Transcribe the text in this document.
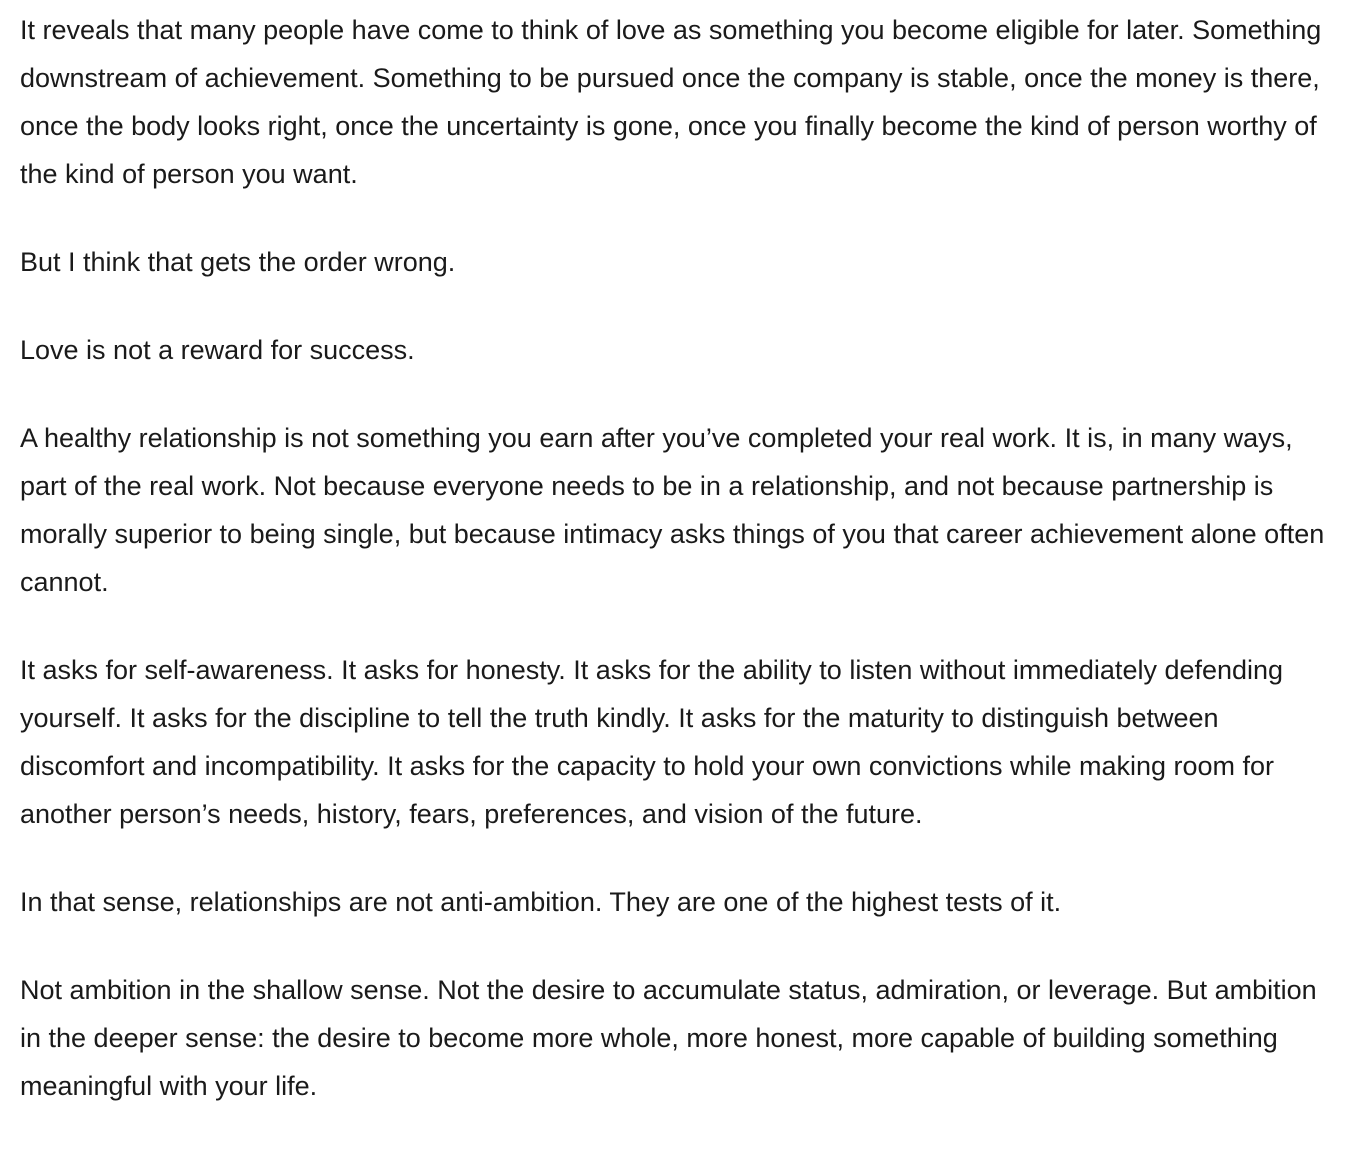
It reveals that many people have come to think of love as something you become eligible for later. Something downstream of achievement. Something to be pursued once the company is stable, once the money is there, once the body looks right, once the uncertainty is gone, once you finally become the kind of person worthy of the kind of person you want.

But I think that gets the order wrong.

Love is not a reward for success.

A healthy relationship is not something you earn after you’ve completed your real work. It is, in many ways, part of the real work. Not because everyone needs to be in a relationship, and not because partnership is morally superior to being single, but because intimacy asks things of you that career achievement alone often cannot.

It asks for self-awareness. It asks for honesty. It asks for the ability to listen without immediately defending yourself. It asks for the discipline to tell the truth kindly. It asks for the maturity to distinguish between discomfort and incompatibility. It asks for the capacity to hold your own convictions while making room for another person’s needs, history, fears, preferences, and vision of the future.

In that sense, relationships are not anti-ambition. They are one of the highest tests of it.

Not ambition in the shallow sense. Not the desire to accumulate status, admiration, or leverage. But ambition in the deeper sense: the desire to become more whole, more honest, more capable of building something meaningful with your life.
